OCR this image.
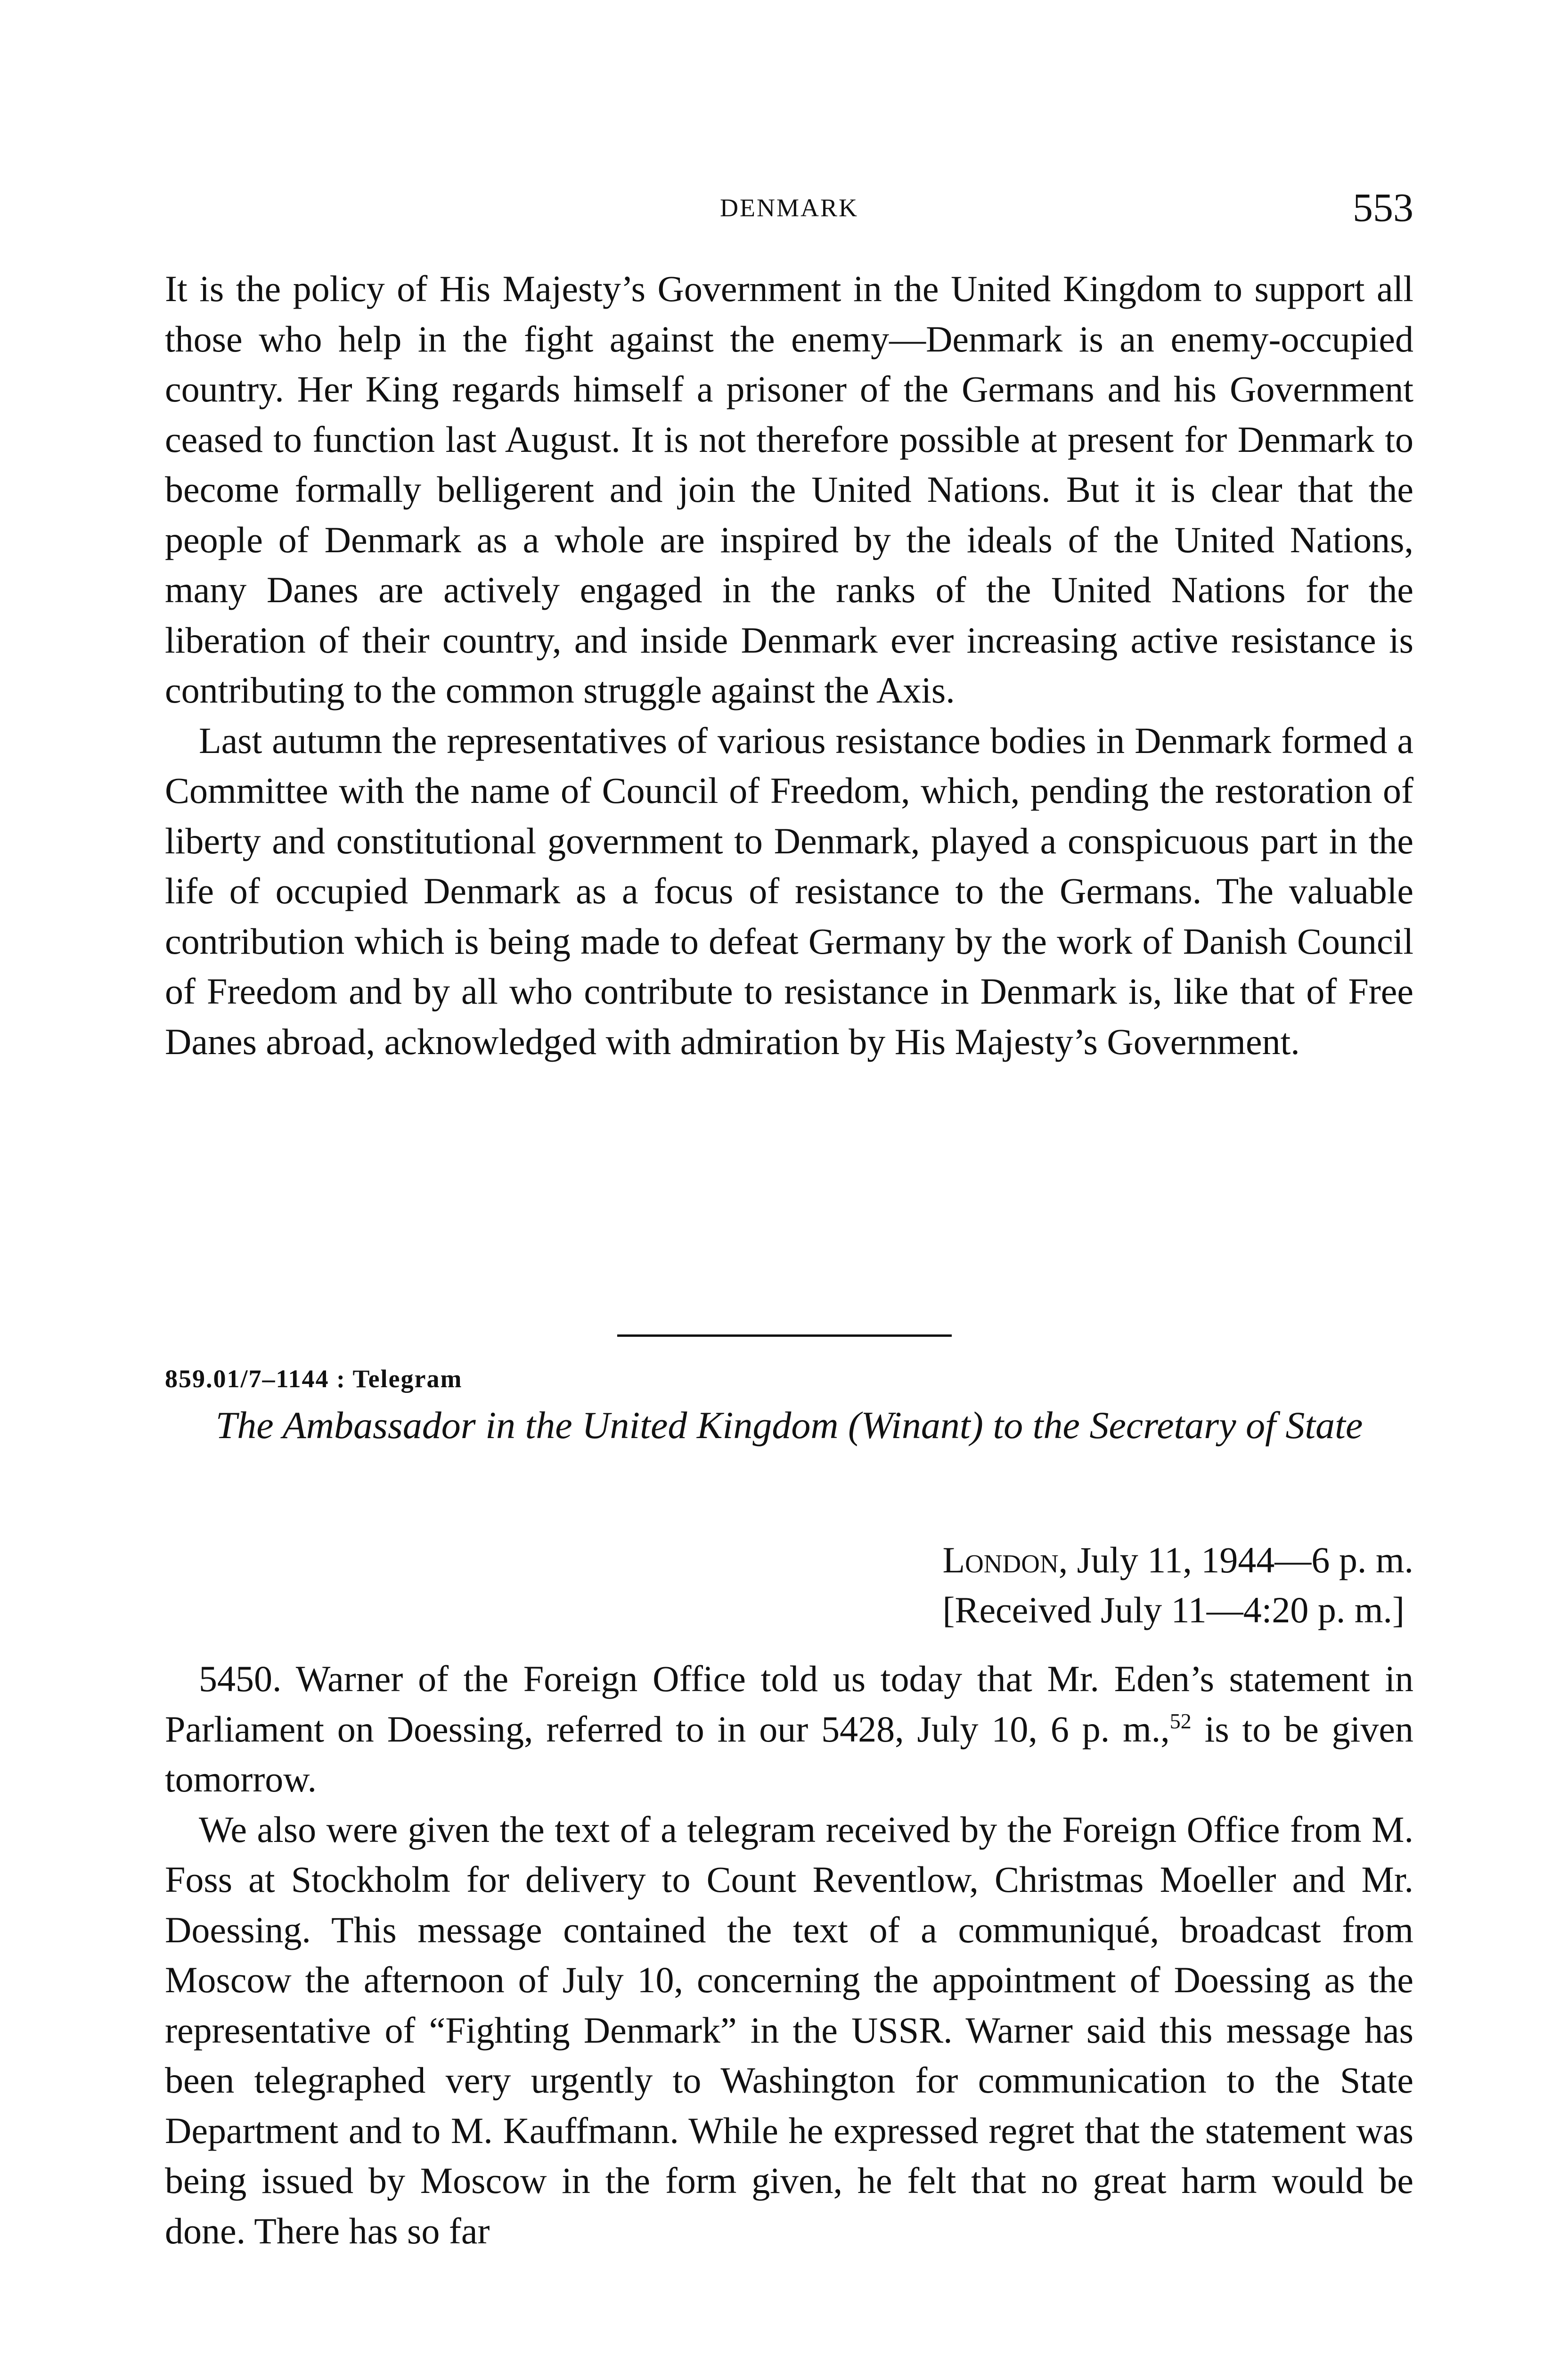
DENMARK	553

It is the policy of His Majesty’s Government in the United Kingdom to support all those who help in the fight against the enemy—Denmark is an enemy-occupied country. Her King regards himself a prisoner of the Germans and his Government ceased to function last August. It is not therefore possible at present for Denmark to become formally belligerent and join the United Nations. But it is clear that the people of Denmark as a whole are inspired by the ideals of the United Nations, many Danes are actively engaged in the ranks of the United Nations for the liberation of their country, and inside Denmark ever increasing active resistance is contributing to the common struggle against the Axis.

Last autumn the representatives of various resistance bodies in Denmark formed a Committee with the name of Council of Freedom, which, pending the restoration of liberty and constitutional government to Denmark, played a conspicuous part in the life of occupied Denmark as a focus of resistance to the Germans. The valuable contribution which is being made to defeat Germany by the work of Danish Council of Freedom and by all who contribute to resistance in Denmark is, like that of Free Danes abroad, acknowledged with admiration by His Majesty’s Government.

859.01/7–1144 : Telegram

The Ambassador in the United Kingdom (Winant) to the Secretary of State

London, July 11, 1944—6 p. m.
[Received July 11—4:20 p. m.]

5450. Warner of the Foreign Office told us today that Mr. Eden’s statement in Parliament on Doessing, referred to in our 5428, July 10, 6 p. m.,$^{52}$ is to be given tomorrow.

We also were given the text of a telegram received by the Foreign Office from M. Foss at Stockholm for delivery to Count Reventlow, Christmas Moeller and Mr. Doessing. This message contained the text of a communiqué, broadcast from Moscow the afternoon of July 10, concerning the appointment of Doessing as the representative of “Fighting Denmark” in the USSR. Warner said this message has been telegraphed very urgently to Washington for communication to the State Department and to M. Kauffmann. While he expressed regret that the statement was being issued by Moscow in the form given, he felt that no great harm would be done. There has so far
